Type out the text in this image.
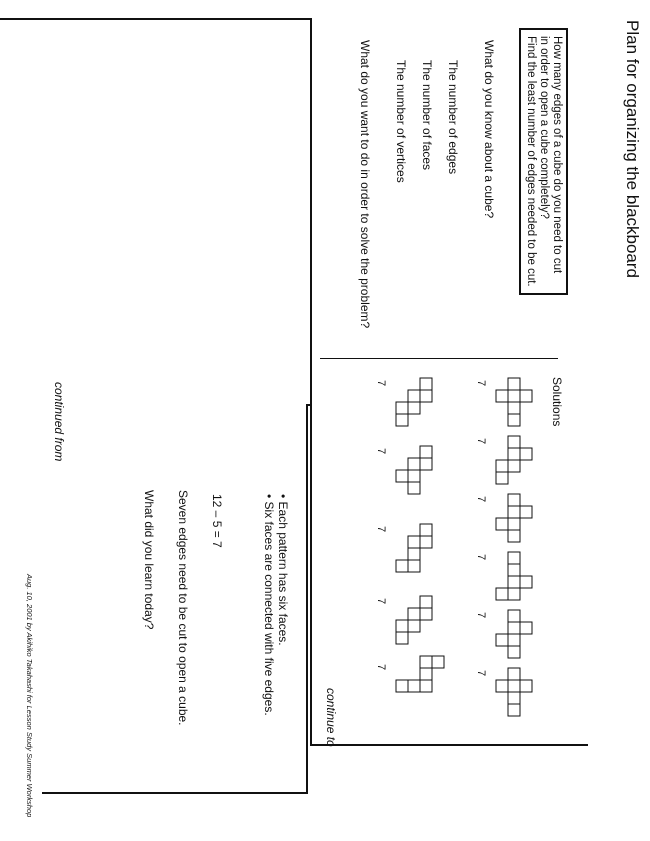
Plan for organizing the blackboard
How many edges of a cube do you need to cut
in order to open a cube completely?
Find the least number of edges needed to be cut.
What do you know about a cube?
The number of edges
The number of faces
The number of vertices
What do you want to do in order to solve the problem?
Solutions
7
7
7
7
7
7
7
7
7
7
7
continue to
• Each pattern has six faces.
• Six faces are connected with five edges.
12 – 5 = 7
Seven edges need to be cut to open a cube.
What did you learn today?
continued from
Aug. 10, 2001 by Akihiko Takahashi for Lesson Study Summer Workshop
